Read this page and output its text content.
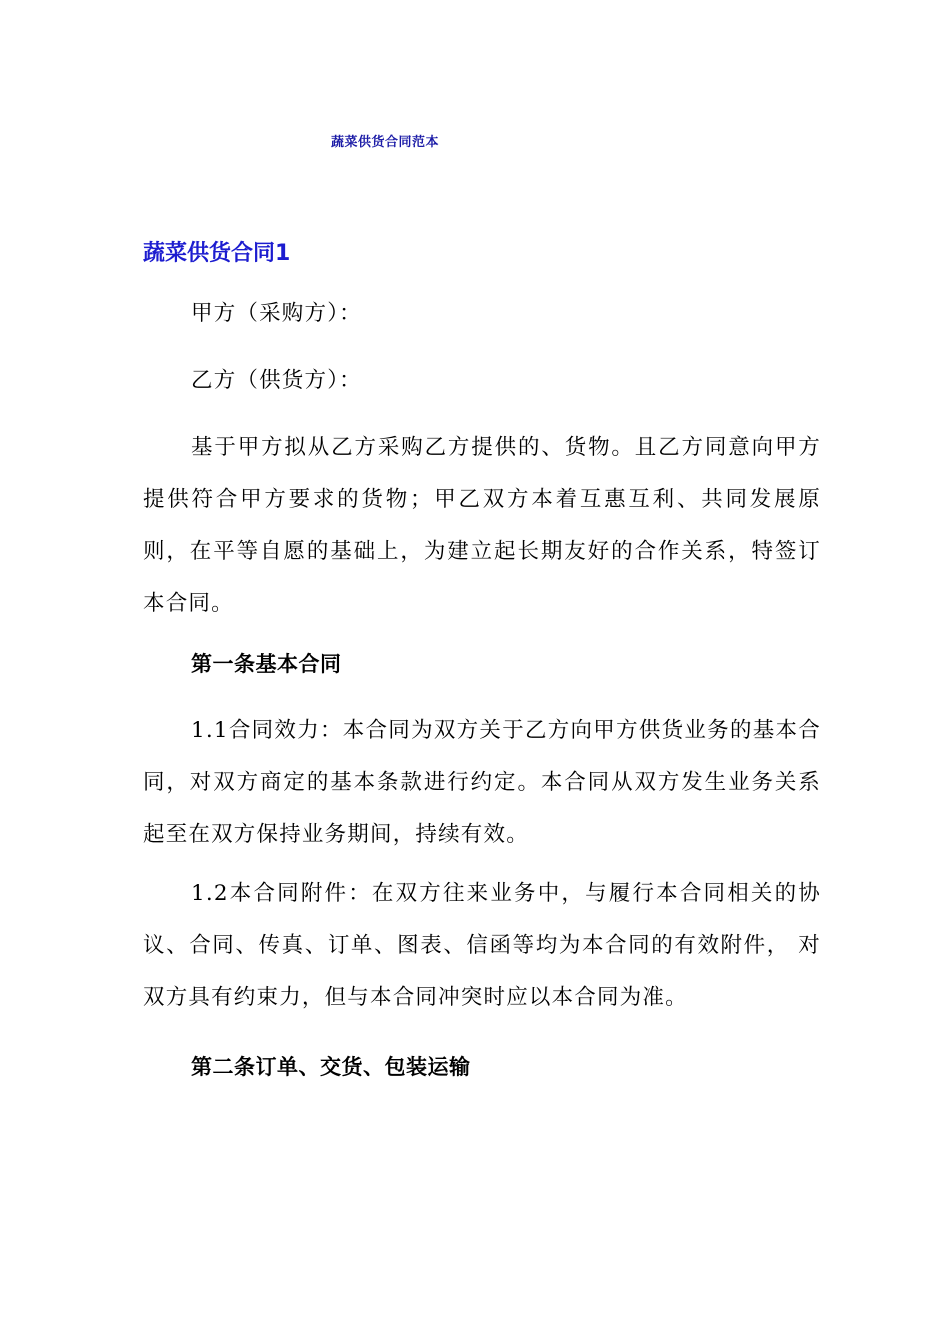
蔬菜供货合同范本
蔬菜供货合同1
甲方（采购方）：
乙方（供货方）：
基于甲方拟从乙方采购乙方提供的、货物。且乙方同意向甲方提供符合甲方要求的货物；甲乙双方本着互惠互利、共同发展原则，在平等自愿的基础上，为建立起长期友好的合作关系，特签订本合同。
第一条基本合同
1.1合同效力：本合同为双方关于乙方向甲方供货业务的基本合同，对双方商定的基本条款进行约定。本合同从双方发生业务关系起至在双方保持业务期间，持续有效。
1.2本合同附件：在双方往来业务中，与履行本合同相关的协议、合同、传真、订单、图表、信函等均为本合同的有效附件， 对双方具有约束力，但与本合同冲突时应以本合同为准。
第二条订单、交货、包装运输
